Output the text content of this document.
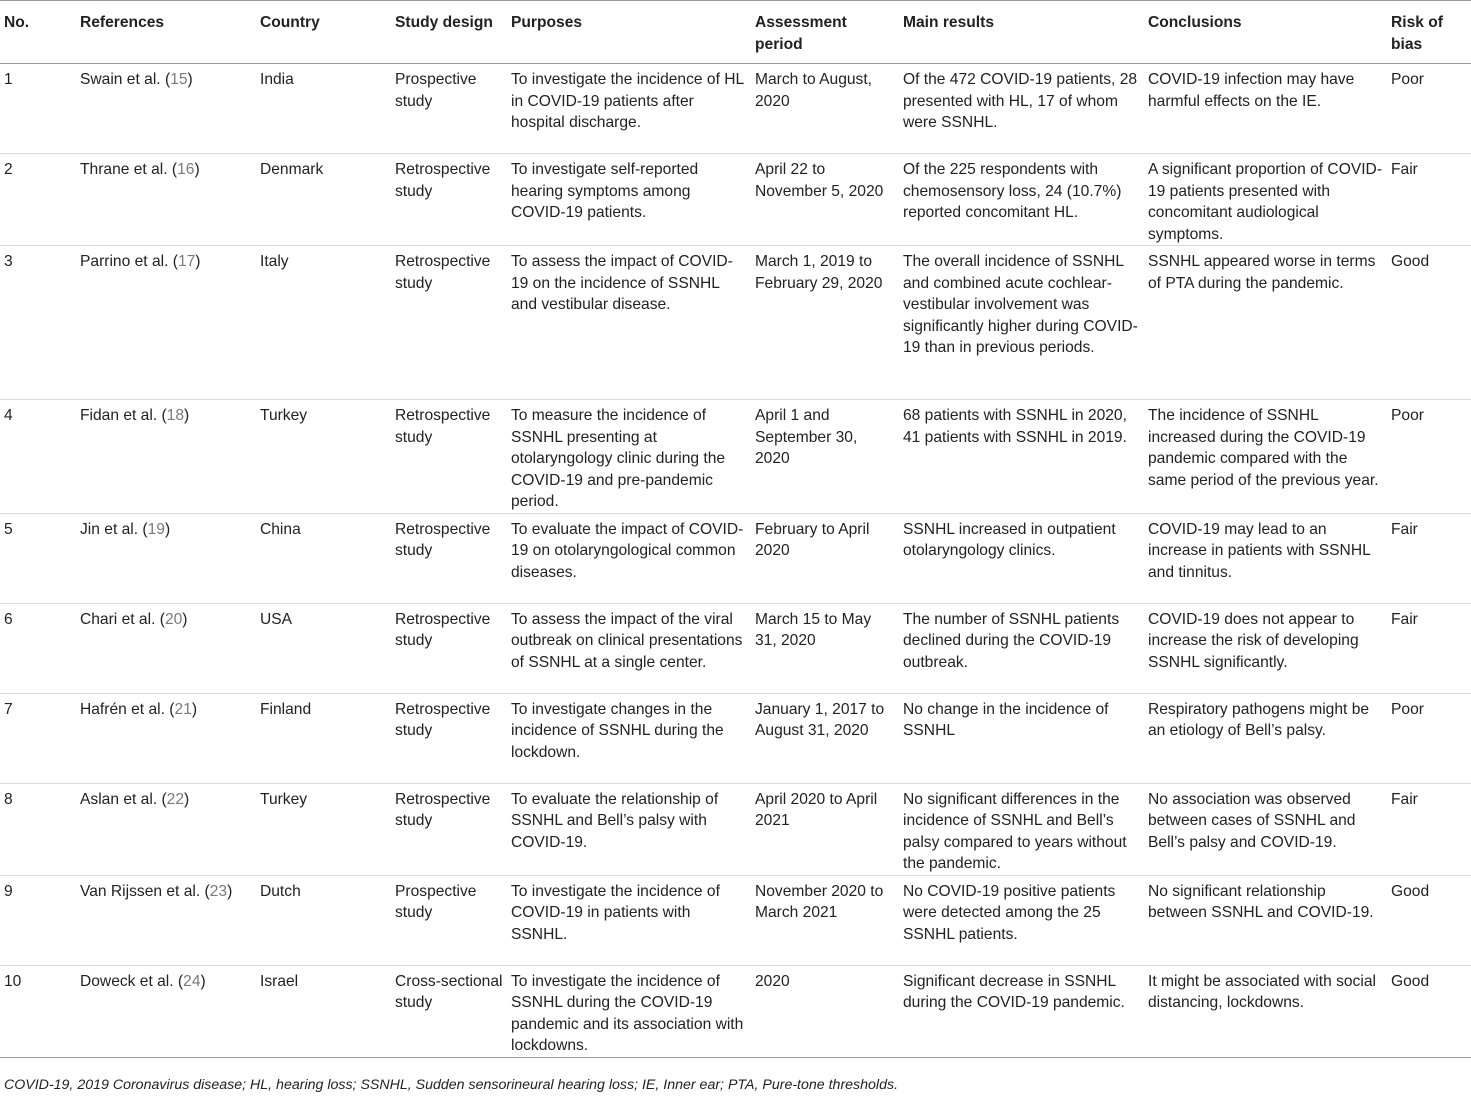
No.	References	Country	Study design	Purposes	Assessment period	Main results	Conclusions	Risk of bias
1	Swain et al. (15)	India	Prospective study	To investigate the incidence of HL in COVID-19 patients after hospital discharge.	March to August, 2020	Of the 472 COVID-19 patients, 28 presented with HL, 17 of whom were SSNHL.	COVID-19 infection may have harmful effects on the IE.	Poor
2	Thrane et al. (16)	Denmark	Retrospective study	To investigate self-reported hearing symptoms among COVID-19 patients.	April 22 to November 5, 2020	Of the 225 respondents with chemosensory loss, 24 (10.7%) reported concomitant HL.	A significant proportion of COVID-19 patients presented with concomitant audiological symptoms.	Fair
3	Parrino et al. (17)	Italy	Retrospective study	To assess the impact of COVID-19 on the incidence of SSNHL and vestibular disease.	March 1, 2019 to February 29, 2020	The overall incidence of SSNHL and combined acute cochlear-vestibular involvement was significantly higher during COVID-19 than in previous periods.	SSNHL appeared worse in terms of PTA during the pandemic.	Good
4	Fidan et al. (18)	Turkey	Retrospective study	To measure the incidence of SSNHL presenting at otolaryngology clinic during the COVID-19 and pre-pandemic period.	April 1 and September 30, 2020	68 patients with SSNHL in 2020, 41 patients with SSNHL in 2019.	The incidence of SSNHL increased during the COVID-19 pandemic compared with the same period of the previous year.	Poor
5	Jin et al. (19)	China	Retrospective study	To evaluate the impact of COVID-19 on otolaryngological common diseases.	February to April 2020	SSNHL increased in outpatient otolaryngology clinics.	COVID-19 may lead to an increase in patients with SSNHL and tinnitus.	Fair
6	Chari et al. (20)	USA	Retrospective study	To assess the impact of the viral outbreak on clinical presentations of SSNHL at a single center.	March 15 to May 31, 2020	The number of SSNHL patients declined during the COVID-19 outbreak.	COVID-19 does not appear to increase the risk of developing SSNHL significantly.	Fair
7	Hafrén et al. (21)	Finland	Retrospective study	To investigate changes in the incidence of SSNHL during the lockdown.	January 1, 2017 to August 31, 2020	No change in the incidence of SSNHL	Respiratory pathogens might be an etiology of Bell’s palsy.	Poor
8	Aslan et al. (22)	Turkey	Retrospective study	To evaluate the relationship of SSNHL and Bell’s palsy with COVID-19.	April 2020 to April 2021	No significant differences in the incidence of SSNHL and Bell’s palsy compared to years without the pandemic.	No association was observed between cases of SSNHL and Bell’s palsy and COVID-19.	Fair
9	Van Rijssen et al. (23)	Dutch	Prospective study	To investigate the incidence of COVID-19 in patients with SSNHL.	November 2020 to March 2021	No COVID-19 positive patients were detected among the 25 SSNHL patients.	No significant relationship between SSNHL and COVID-19.	Good
10	Doweck et al. (24)	Israel	Cross-sectional study	To investigate the incidence of SSNHL during the COVID-19 pandemic and its association with lockdowns.	2020	Significant decrease in SSNHL during the COVID-19 pandemic.	It might be associated with social distancing, lockdowns.	Good
COVID-19, 2019 Coronavirus disease; HL, hearing loss; SSNHL, Sudden sensorineural hearing loss; IE, Inner ear; PTA, Pure-tone thresholds.
